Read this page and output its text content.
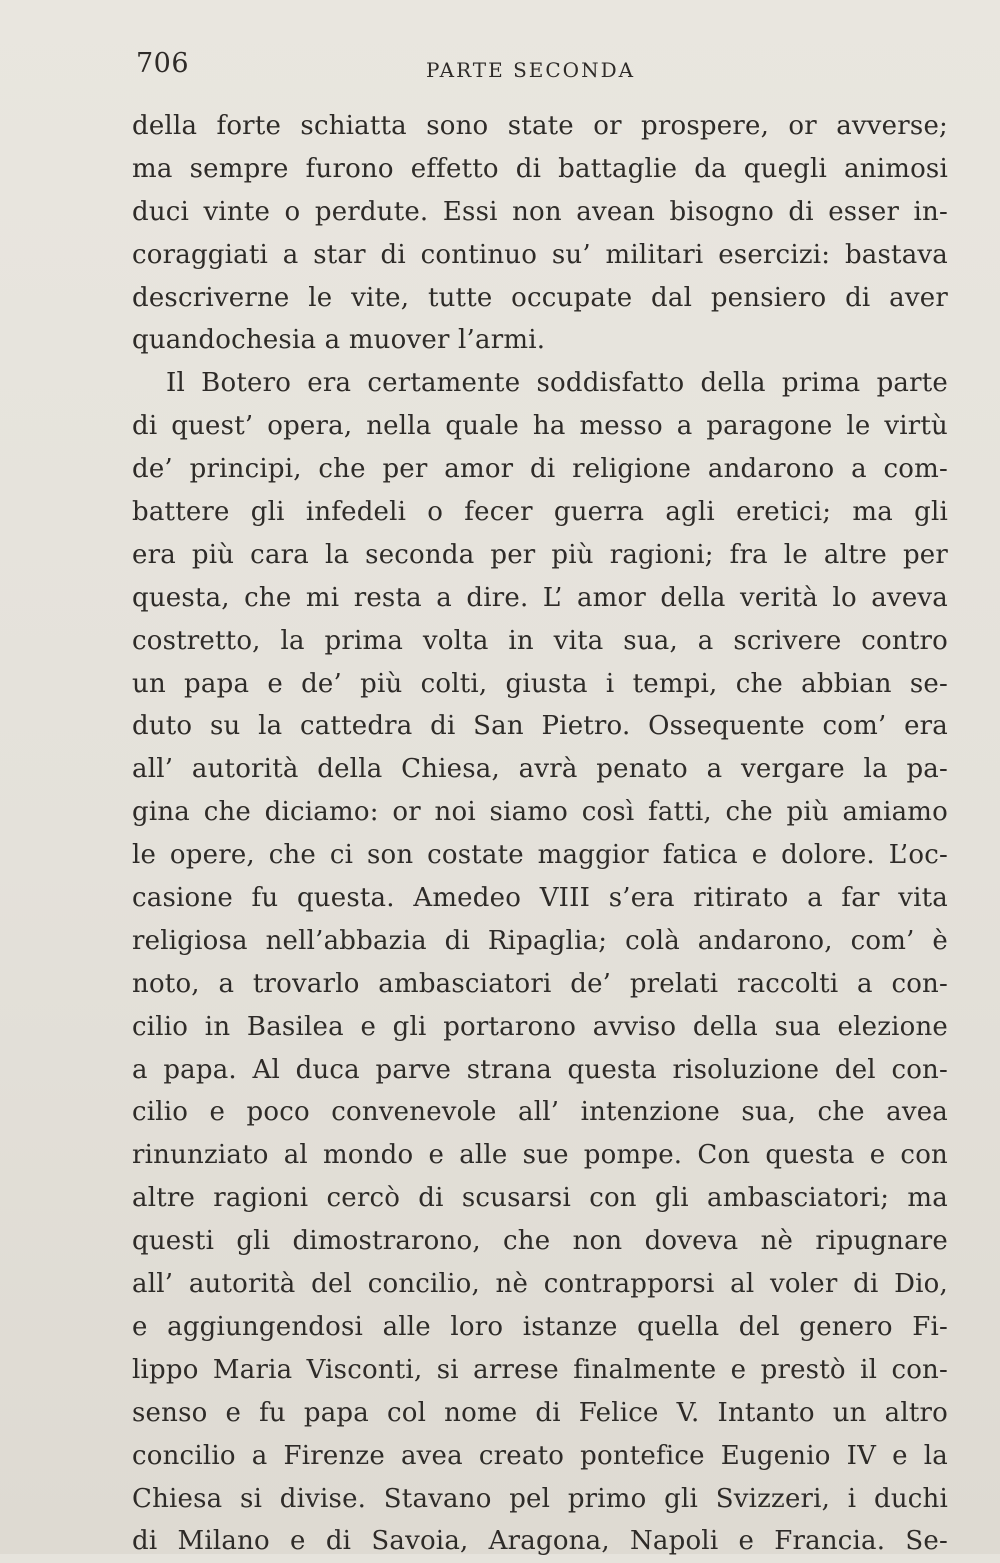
706	PARTE SECONDA
della forte schiatta sono state or prospere, or avverse;
ma sempre furono effetto di battaglie da quegli animosi
duci vinte o perdute. Essi non avean bisogno di esser in-
coraggiati a star di continuo su’ militari esercizi: bastava
descriverne le vite, tutte occupate dal pensiero di aver
quandochesia a muover l’armi.
Il Botero era certamente soddisfatto della prima parte
di quest’ opera, nella quale ha messo a paragone le virtù
de’ principi, che per amor di religione andarono a com-
battere gli infedeli o fecer guerra agli eretici; ma gli
era più cara la seconda per più ragioni; fra le altre per
questa, che mi resta a dire. L’ amor della verità lo aveva
costretto, la prima volta in vita sua, a scrivere contro
un papa e de’ più colti, giusta i tempi, che abbian se-
duto su la cattedra di San Pietro. Ossequente com’ era
all’ autorità della Chiesa, avrà penato a vergare la pa-
gina che diciamo: or noi siamo così fatti, che più amiamo
le opere, che ci son costate maggior fatica e dolore. L’oc-
casione fu questa. Amedeo VIII s’era ritirato a far vita
religiosa nell’abbazia di Ripaglia; colà andarono, com’ è
noto, a trovarlo ambasciatori de’ prelati raccolti a con-
cilio in Basilea e gli portarono avviso della sua elezione
a papa. Al duca parve strana questa risoluzione del con-
cilio e poco convenevole all’ intenzione sua, che avea
rinunziato al mondo e alle sue pompe. Con questa e con
altre ragioni cercò di scusarsi con gli ambasciatori; ma
questi gli dimostrarono, che non doveva nè ripugnare
all’ autorità del concilio, nè contrapporsi al voler di Dio,
e aggiungendosi alle loro istanze quella del genero Fi-
lippo Maria Visconti, si arrese finalmente e prestò il con-
senso e fu papa col nome di Felice V. Intanto un altro
concilio a Firenze avea creato pontefice Eugenio IV e la
Chiesa si divise. Stavano pel primo gli Svizzeri, i duchi
di Milano e di Savoia, Aragona, Napoli e Francia. Se-
